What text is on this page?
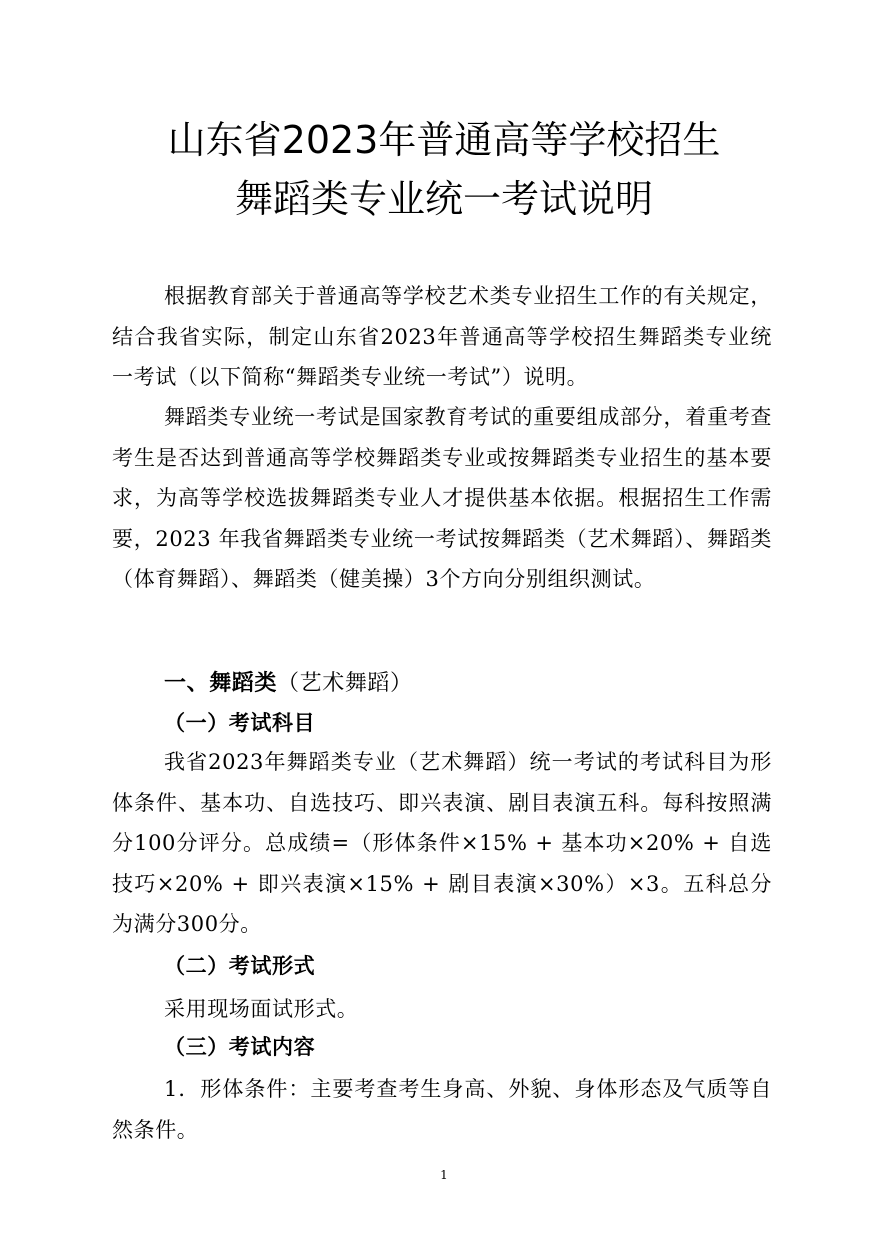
山东省2023年普通高等学校招生
舞蹈类专业统一考试说明
根据教育部关于普通高等学校艺术类专业招生工作的有关规定，结合我省实际，制定山东省2023年普通高等学校招生舞蹈类专业统一考试（以下简称“舞蹈类专业统一考试”）说明。
舞蹈类专业统一考试是国家教育考试的重要组成部分，着重考查考生是否达到普通高等学校舞蹈类专业或按舞蹈类专业招生的基本要求，为高等学校选拔舞蹈类专业人才提供基本依据。根据招生工作需要，2023 年我省舞蹈类专业统一考试按舞蹈类（艺术舞蹈）、舞蹈类（体育舞蹈）、舞蹈类（健美操）3个方向分别组织测试。
一、舞蹈类（艺术舞蹈）
（一）考试科目
我省2023年舞蹈类专业（艺术舞蹈）统一考试的考试科目为形体条件、基本功、自选技巧、即兴表演、剧目表演五科。每科按照满分100分评分。总成绩=（形体条件×15% + 基本功×20% + 自选技巧×20% + 即兴表演×15% + 剧目表演×30%）×3。五科总分为满分300分。
（二）考试形式
采用现场面试形式。
（三）考试内容
1．形体条件：主要考查考生身高、外貌、身体形态及气质等自然条件。
1
